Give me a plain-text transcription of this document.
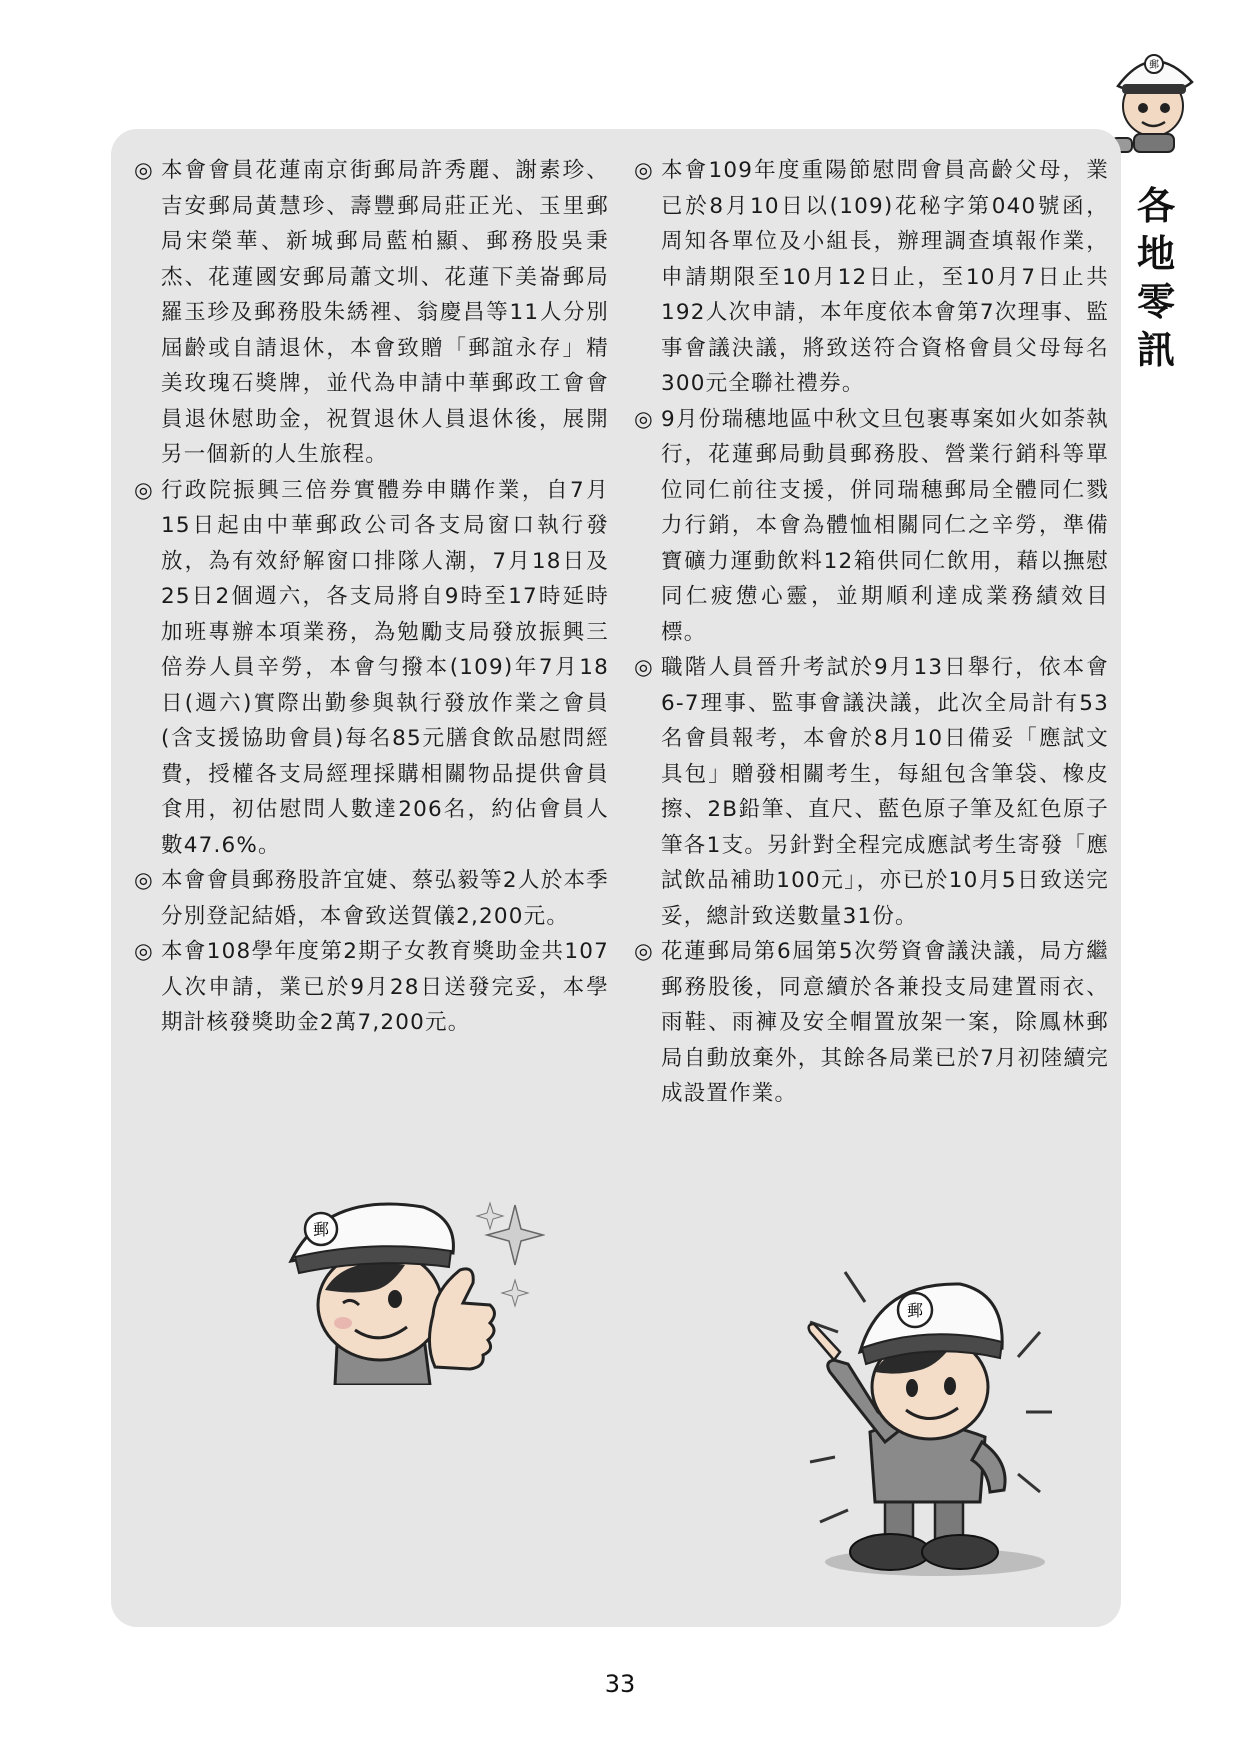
郵
各
地
零
訊

◎ 本會會員花蓮南京街郵局許秀麗、謝素珍、吉安郵局黃慧珍、壽豐郵局莊正光、玉里郵局宋榮華、新城郵局藍柏顯、郵務股吳秉杰、花蓮國安郵局蕭文圳、花蓮下美崙郵局羅玉珍及郵務股朱綉裡、翁慶昌等11人分別屆齡或自請退休，本會致贈「郵誼永存」精美玫瑰石獎牌，並代為申請中華郵政工會會員退休慰助金，祝賀退休人員退休後，展開另一個新的人生旅程。

◎ 行政院振興三倍券實體券申購作業，自7月15日起由中華郵政公司各支局窗口執行發放，為有效紓解窗口排隊人潮，7月18日及25日2個週六，各支局將自9時至17時延時加班專辦本項業務，為勉勵支局發放振興三倍券人員辛勞，本會勻撥本(109)年7月18日(週六)實際出勤參與執行發放作業之會員(含支援協助會員)每名85元膳食飲品慰問經費，授權各支局經理採購相關物品提供會員食用，初估慰問人數達206名，約佔會員人數47.6%。

◎ 本會會員郵務股許宜婕、蔡弘毅等2人於本季分別登記結婚，本會致送賀儀2,200元。

◎ 本會108學年度第2期子女教育獎助金共107人次申請，業已於9月28日送發完妥，本學期計核發獎助金2萬7,200元。

◎ 本會109年度重陽節慰問會員高齡父母，業已於8月10日以(109)花秘字第040號函，周知各單位及小組長，辦理調查填報作業，申請期限至10月12日止，至10月7日止共192人次申請，本年度依本會第7次理事、監事會議決議，將致送符合資格會員父母每名300元全聯社禮券。

◎ 9月份瑞穗地區中秋文旦包裹專案如火如荼執行，花蓮郵局動員郵務股、營業行銷科等單位同仁前往支援，併同瑞穗郵局全體同仁戮力行銷，本會為體恤相關同仁之辛勞，準備寶礦力運動飲料12箱供同仁飲用，藉以撫慰同仁疲憊心靈，並期順利達成業務績效目標。

◎ 職階人員晉升考試於9月13日舉行，依本會6-7理事、監事會議決議，此次全局計有53名會員報考，本會於8月10日備妥「應試文具包」贈發相關考生，每組包含筆袋、橡皮擦、2B鉛筆、直尺、藍色原子筆及紅色原子筆各1支。另針對全程完成應試考生寄發「應試飲品補助100元」，亦已於10月5日致送完妥，總計致送數量31份。

◎ 花蓮郵局第6屆第5次勞資會議決議，局方繼郵務股後，同意續於各兼投支局建置雨衣、雨鞋、雨褲及安全帽置放架一案，除鳳林郵局自動放棄外，其餘各局業已於7月初陸續完成設置作業。

郵
郵
33
